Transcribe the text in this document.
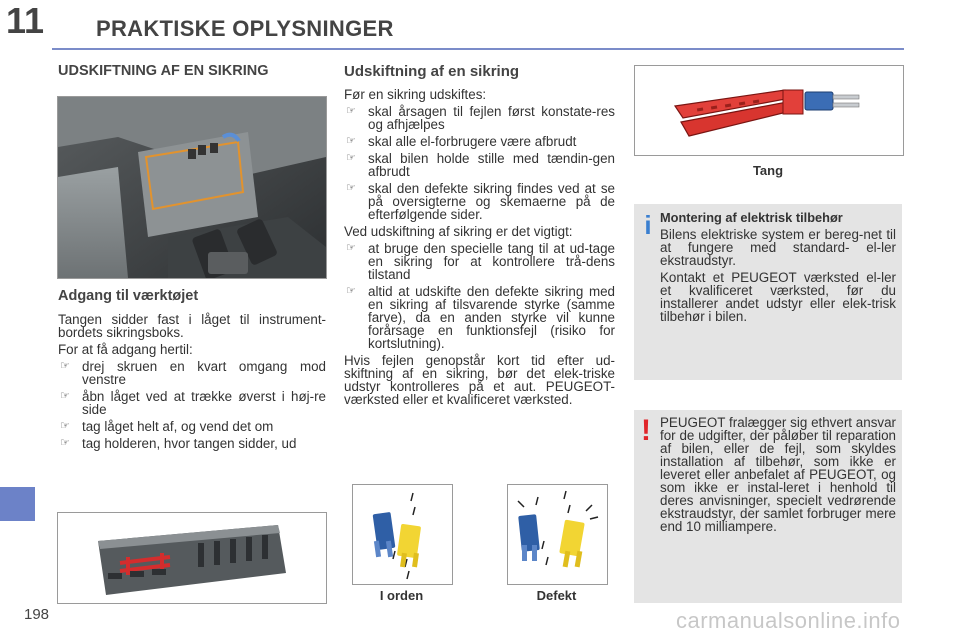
11 PRAKTISKE OPLYSNINGER
198
UDSKIFTNING AF EN SIKRING
Adgang til værktøjet

Tangen sidder fast i låget til instrument-bordets sikringsboks.

For at få adgang hertil:

☞ drej skruen en kvart omgang mod venstre
☞ åbn låget ved at trække øverst i høj-re side
☞ tag låget helt af, og vend det om
☞ tag holderen, hvor tangen sidder, ud
Udskiftning af en sikring

Før en sikring udskiftes:

☞ skal årsagen til fejlen først konstate-res og afhjælpes
☞ skal alle el-forbrugere være afbrudt
☞ skal bilen holde stille med tændin-gen afbrudt
☞ skal den defekte sikring findes ved at se på oversigterne og skemaerne på de efterfølgende sider.

Ved udskiftning af sikring er det vigtigt:

☞ at bruge den specielle tang til at ud-tage en sikring for at kontrollere trå-dens tilstand
☞ altid at udskifte den defekte sikring med en sikring af tilsvarende styrke (samme farve), da en anden styrke vil kunne forårsage en funktionsfejl (risiko for kortslutning).

Hvis fejlen genopstår kort tid efter ud-skiftning af en sikring, bør det elek-triske udstyr kontrolleres på et aut. PEUGEOT-værksted eller et kvalificeret værksted.

I orden	Defekt
Tang
i Montering af elektrisk tilbehør

Bilens elektriske system er bereg-net til at fungere med standard- el-ler ekstraudstyr.

Kontakt et PEUGEOT værksted el-ler et kvalificeret værksted, før du installerer andet udstyr eller elek-trisk tilbehør i bilen.

! PEUGEOT fralægger sig ethvert ansvar for de udgifter, der påløber til reparation af bilen, eller de fejl, som skyldes installation af tilbehør, som ikke er leveret eller anbefalet af PEUGEOT, og som ikke er instal-leret i henhold til deres anvisninger, specielt vedrørende ekstraudstyr, der samlet forbruger mere end 10 milliampere.
carmanualsonline.info
